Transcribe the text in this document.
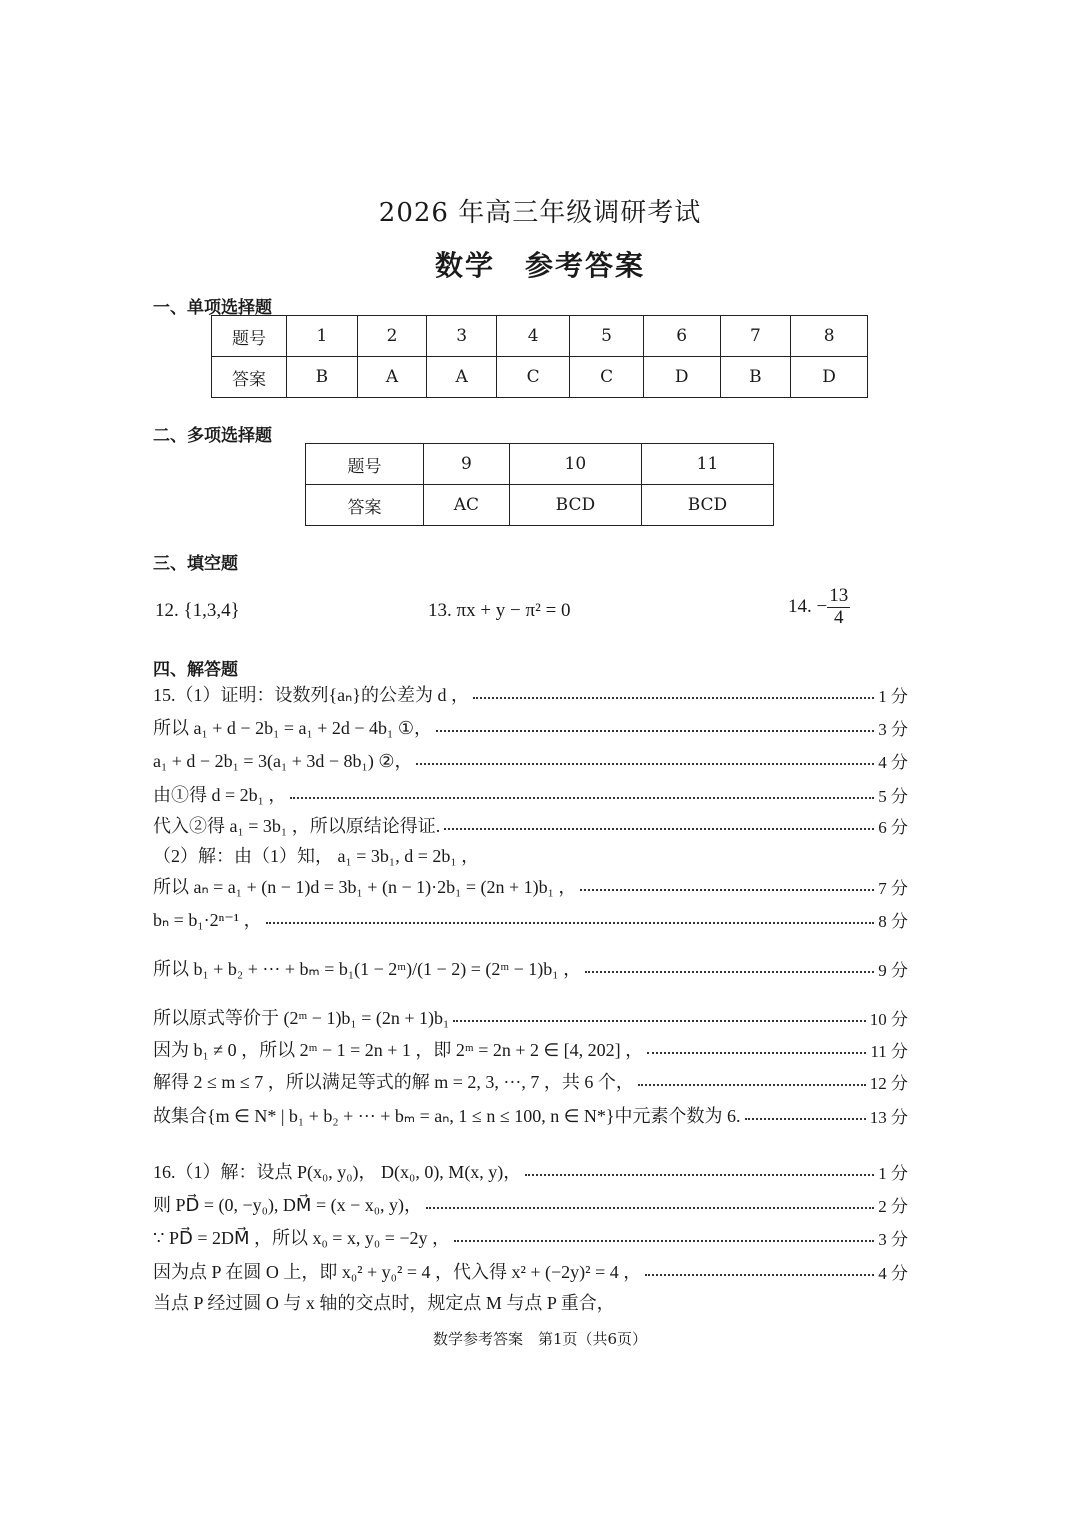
2026 年高三年级调研考试
数学　参考答案
一、单项选择题
题号	1	2	3	4	5	6	7	8
答案	B	A	A	C	C	D	B	D
二、多项选择题
题号	9	10	11
答案	AC	BCD	BCD
三、填空题
12. {1,3,4}	13. πx + y − π² = 0	14. − $\frac{13}{4}$
四、解答题
15.（1）证明：设数列{aₙ}的公差为 d ，	1 分
所以 a₁ + d − 2b₁ = a₁ + 2d − 4b₁ ①，	3 分
a₁ + d − 2b₁ = 3(a₁ + 3d − 8b₁) ②，	4 分
由①得 d = 2b₁ ，	5 分
代入②得 a₁ = 3b₁ ，所以原结论得证.	6 分
（2）解：由（1）知， a₁ = 3b₁, d = 2b₁ ，
所以 aₙ = a₁ + (n − 1)d = 3b₁ + (n − 1)·2b₁ = (2n + 1)b₁ ，	7 分
bₙ = b₁·2ⁿ⁻¹ ，	8 分
所以 b₁ + b₂ + ··· + bₘ = b₁(1 − 2ᵐ)/(1 − 2) = (2ᵐ − 1)b₁ ，	9 分
所以原式等价于 (2ᵐ − 1)b₁ = (2n + 1)b₁	10 分
因为 b₁ ≠ 0 ，所以 2ᵐ − 1 = 2n + 1 ，即 2ᵐ = 2n + 2 ∈ [4, 202] ，	11 分
解得 2 ≤ m ≤ 7 ，所以满足等式的解 m = 2, 3, ···, 7 ，共 6 个，	12 分
故集合{m ∈ N* | b₁ + b₂ + ··· + bₘ = aₙ, 1 ≤ n ≤ 100, n ∈ N*}中元素个数为 6.	13 分
16.（1）解：设点 P(x₀, y₀)， D(x₀, 0), M(x, y)，	1 分
则 PD⃗ = (0, −y₀), DM⃗ = (x − x₀, y)，	2 分
∵ PD⃗ = 2DM⃗ ，所以 x₀ = x, y₀ = −2y ，	3 分
因为点 P 在圆 O 上，即 x₀² + y₀² = 4 ，代入得 x² + (−2y)² = 4 ，	4 分
当点 P 经过圆 O 与 x 轴的交点时，规定点 M 与点 P 重合，
数学参考答案　第1页（共6页）
